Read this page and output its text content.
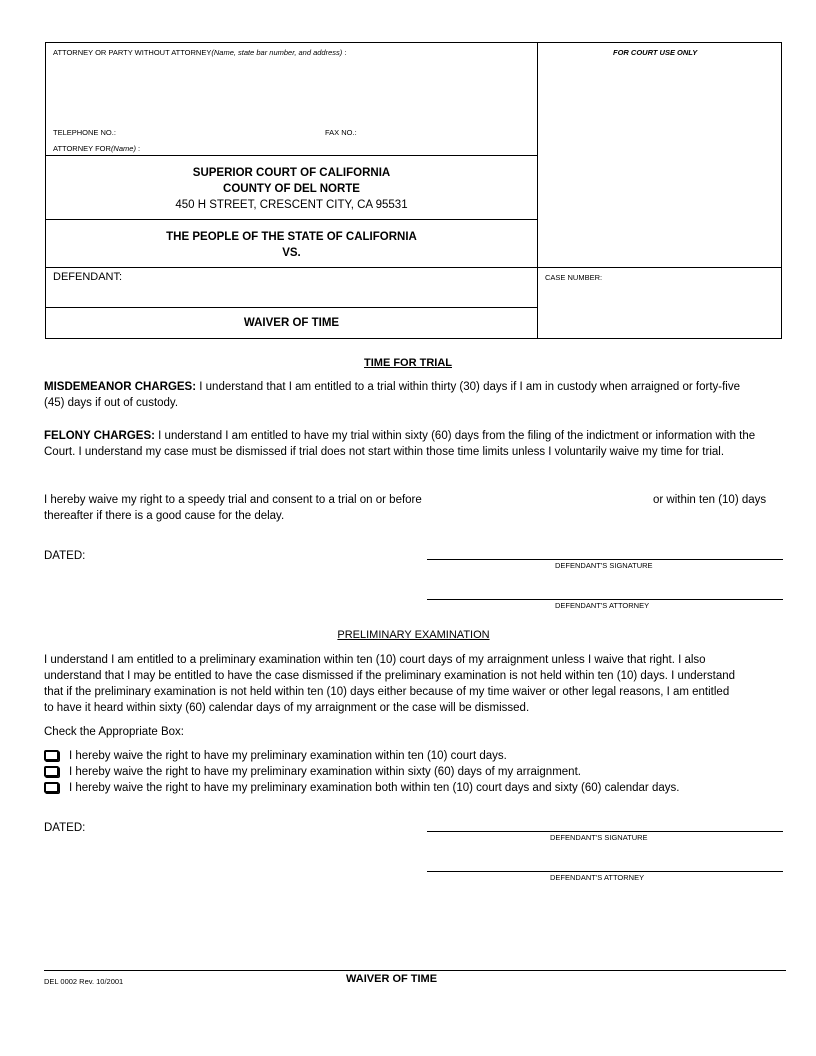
ATTORNEY OR PARTY WITHOUT ATTORNEY(Name, state bar number, and address) :	FOR COURT USE ONLY
TELEPHONE NO.:	FAX NO.:
ATTORNEY FOR(Name) :
SUPERIOR COURT OF CALIFORNIA
COUNTY OF DEL NORTE
450 H STREET, CRESCENT CITY, CA 95531
THE PEOPLE OF THE STATE OF CALIFORNIA
VS.
DEFENDANT:	CASE NUMBER:
WAIVER OF TIME
TIME FOR TRIAL
MISDEMEANOR CHARGES: I understand that I am entitled to a trial within thirty (30) days if I am in custody when arraigned or forty-five
(45) days if out of custody.
FELONY CHARGES: I understand I am entitled to have my trial within sixty (60) days from the filing of the indictment or information with the
Court. I understand my case must be dismissed if trial does not start within those time limits unless I voluntarily waive my time for trial.
I hereby waive my right to a speedy trial and consent to a trial on or before	or within ten (10) days
thereafter if there is a good cause for the delay.
DATED:
DEFENDANT'S SIGNATURE
DEFENDANT'S ATTORNEY
PRELIMINARY EXAMINATION
I understand I am entitled to a preliminary examination within ten (10) court days of my arraignment unless I waive that right. I also
understand that I may be entitled to have the case dismissed if the preliminary examination is not held within ten (10) days. I understand
that if the preliminary examination is not held within ten (10) days either because of my time waiver or other legal reasons, I am entitled
to have it heard within sixty (60) calendar days of my arraignment or the case will be dismissed.
Check the Appropriate Box:
I hereby waive the right to have my preliminary examination within ten (10) court days.
I hereby waive the right to have my preliminary examination within sixty (60) days of my arraignment.
I hereby waive the right to have my preliminary examination both within ten (10) court days and sixty (60) calendar days.
DATED:
DEFENDANT'S SIGNATURE
DEFENDANT'S ATTORNEY
DEL 0002 Rev. 10/2001	WAIVER OF TIME
